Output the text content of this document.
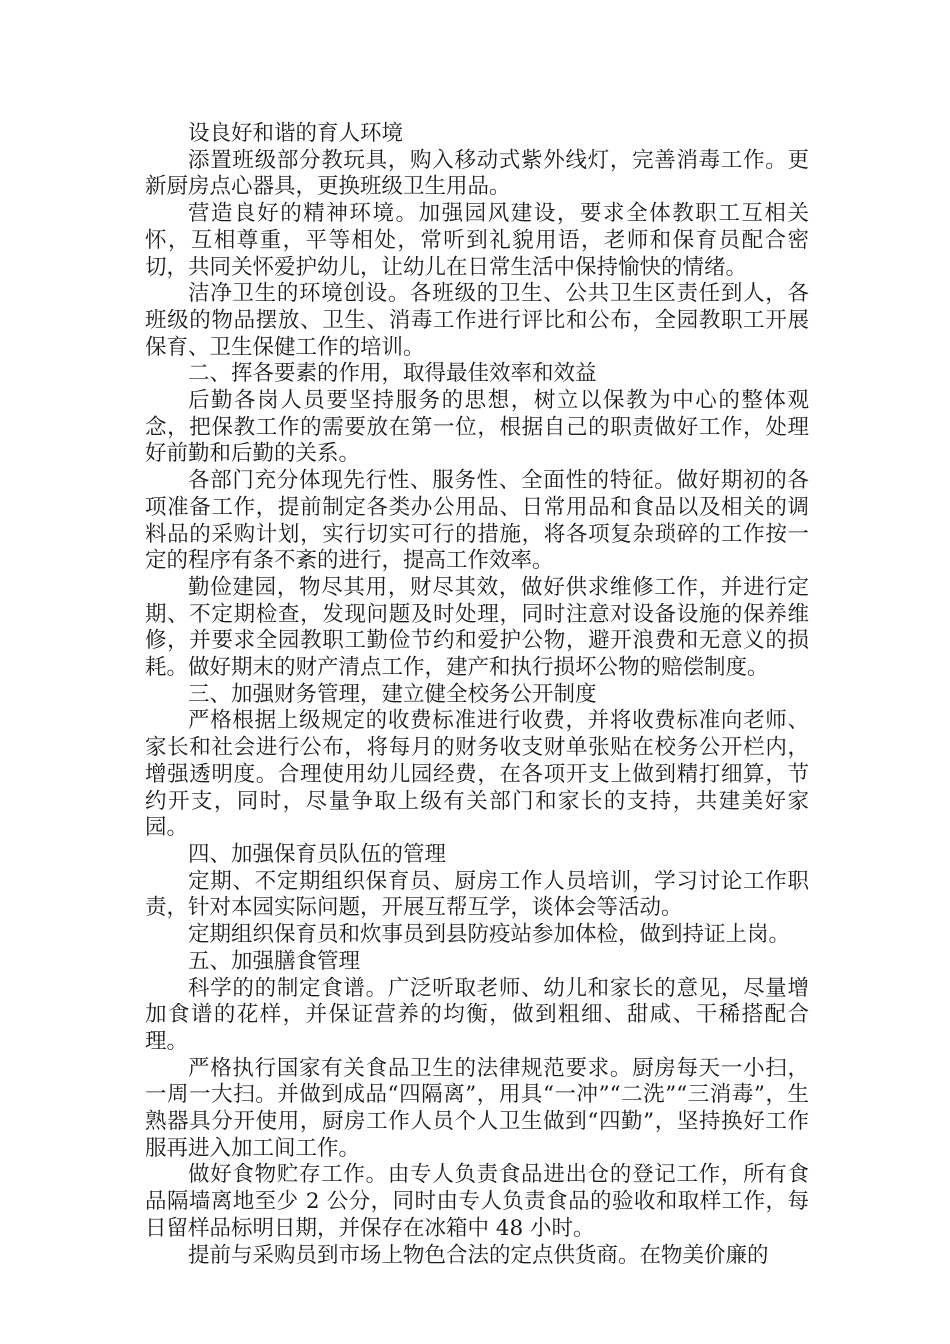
设良好和谐的育人环境

添置班级部分教玩具，购入移动式紫外线灯，完善消毒工作。更新厨房点心器具，更换班级卫生用品。

营造良好的精神环境。加强园风建设，要求全体教职工互相关怀，互相尊重，平等相处，常听到礼貌用语，老师和保育员配合密切，共同关怀爱护幼儿，让幼儿在日常生活中保持愉快的情绪。

洁净卫生的环境创设。各班级的卫生、公共卫生区责任到人，各班级的物品摆放、卫生、消毒工作进行评比和公布，全园教职工开展保育、卫生保健工作的培训。

二、挥各要素的作用，取得最佳效率和效益

后勤各岗人员要坚持服务的思想，树立以保教为中心的整体观念，把保教工作的需要放在第一位，根据自己的职责做好工作，处理好前勤和后勤的关系。

各部门充分体现先行性、服务性、全面性的特征。做好期初的各项准备工作，提前制定各类办公用品、日常用品和食品以及相关的调料品的采购计划，实行切实可行的措施，将各项复杂琐碎的工作按一定的程序有条不紊的进行，提高工作效率。

勤俭建园，物尽其用，财尽其效，做好供求维修工作，并进行定期、不定期检查，发现问题及时处理，同时注意对设备设施的保养维修，并要求全园教职工勤俭节约和爱护公物，避开浪费和无意义的损耗。做好期末的财产清点工作，建产和执行损坏公物的赔偿制度。

三、加强财务管理，建立健全校务公开制度

严格根据上级规定的收费标准进行收费，并将收费标准向老师、家长和社会进行公布，将每月的财务收支财单张贴在校务公开栏内，增强透明度。合理使用幼儿园经费，在各项开支上做到精打细算，节约开支，同时，尽量争取上级有关部门和家长的支持，共建美好家园。

四、加强保育员队伍的管理

定期、不定期组织保育员、厨房工作人员培训，学习讨论工作职责，针对本园实际问题，开展互帮互学，谈体会等活动。

定期组织保育员和炊事员到县防疫站参加体检，做到持证上岗。

五、加强膳食管理

科学的的制定食谱。广泛听取老师、幼儿和家长的意见，尽量增加食谱的花样，并保证营养的均衡，做到粗细、甜咸、干稀搭配合理。

严格执行国家有关食品卫生的法律规范要求。厨房每天一小扫，一周一大扫。并做到成品“四隔离”，用具“一冲”“二洗”“三消毒”，生熟器具分开使用，厨房工作人员个人卫生做到“四勤”，坚持换好工作服再进入加工间工作。

做好食物贮存工作。由专人负责食品进出仓的登记工作，所有食品隔墙离地至少 2 公分，同时由专人负责食品的验收和取样工作，每日留样品标明日期，并保存在冰箱中 48 小时。

提前与采购员到市场上物色合法的定点供货商。在物美价廉的
